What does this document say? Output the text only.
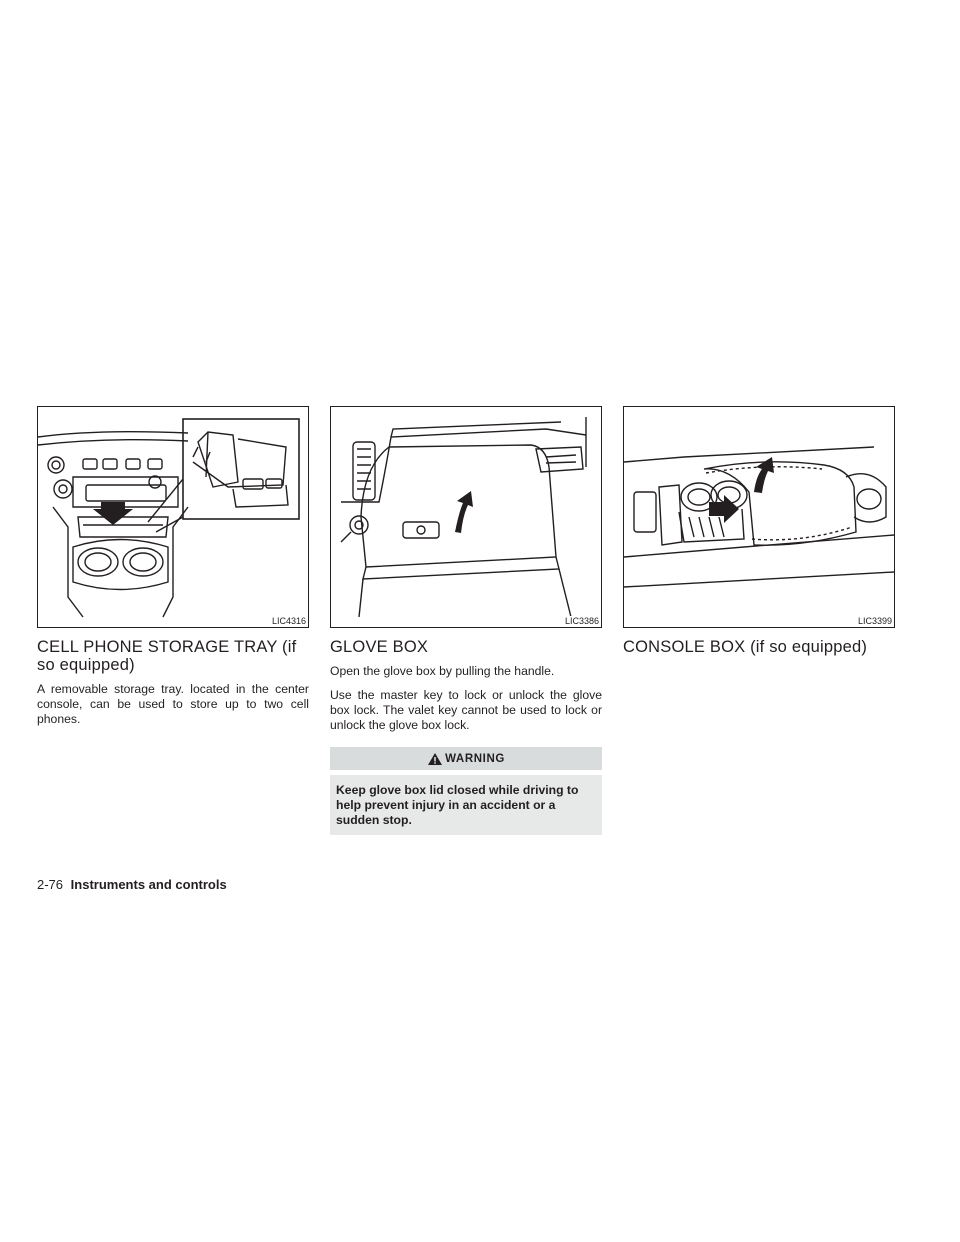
LIC4316
CELL PHONE STORAGE TRAY (if so equipped)

A removable storage tray. located in the center console, can be used to store up to two cell phones.

LIC3386
GLOVE BOX

Open the glove box by pulling the handle.

Use the master key to lock or unlock the glove box lock. The valet key cannot be used to lock or unlock the glove box lock.

WARNING
Keep glove box lid closed while driving to help prevent injury in an accident or a sudden stop.
LIC3399
CONSOLE BOX (if so equipped)
2-76 Instruments and controls
